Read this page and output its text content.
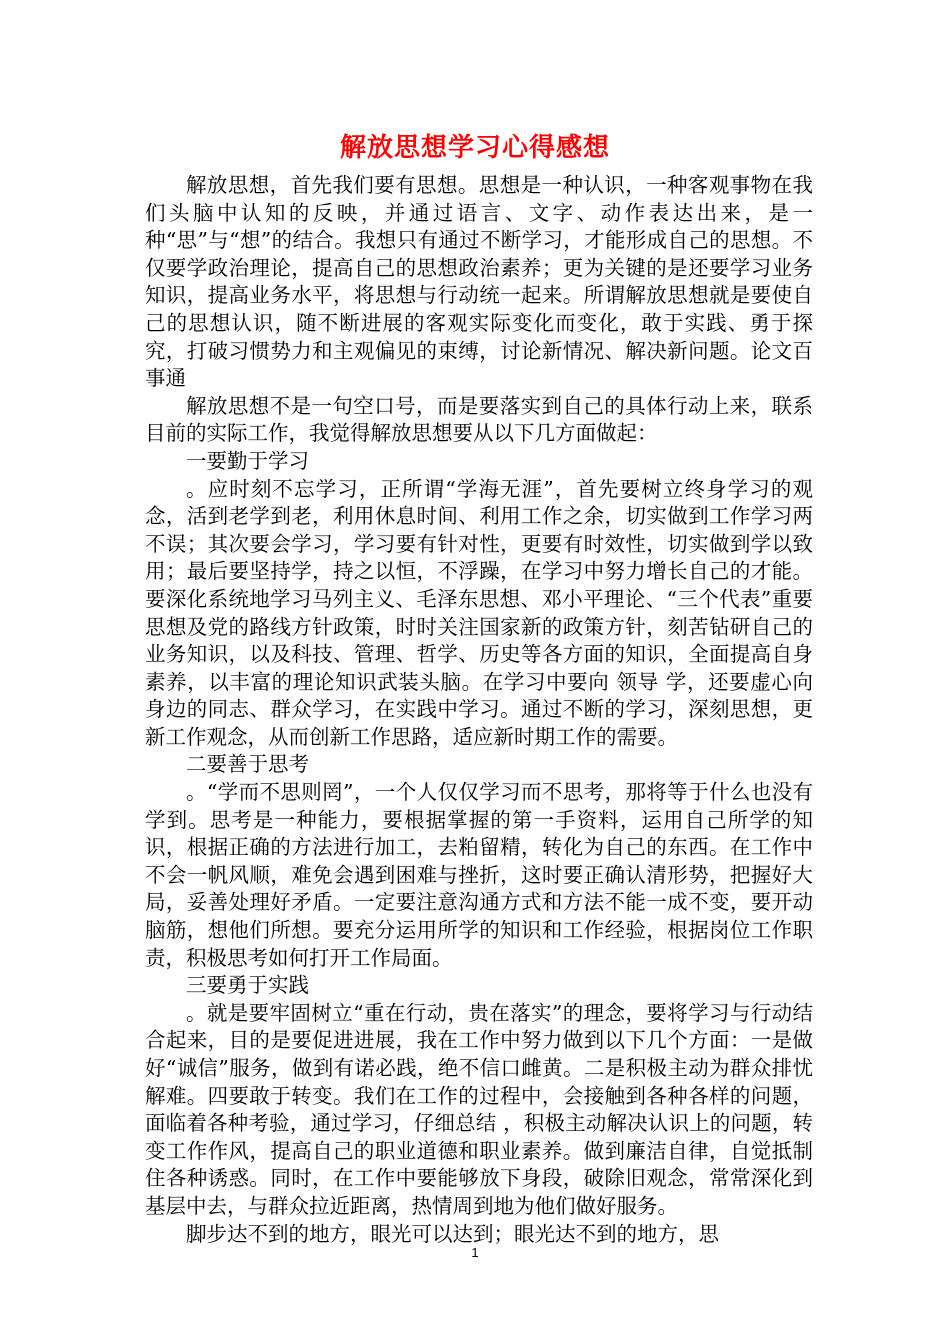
解放思想学习心得感想

解放思想，首先我们要有思想。思想是一种认识，一种客观事物在我们头脑中认知的反映，并通过语言、文字、动作表达出来，是一种“思”与“想”的结合。我想只有通过不断学习，才能形成自己的思想。不仅要学政治理论，提高自己的思想政治素养；更为关键的是还要学习业务知识，提高业务水平，将思想与行动统一起来。所谓解放思想就是要使自己的思想认识，随不断进展的客观实际变化而变化，敢于实践、勇于探究，打破习惯势力和主观偏见的束缚，讨论新情况、解决新问题。论文百事通

解放思想不是一句空口号，而是要落实到自己的具体行动上来，联系目前的实际工作，我觉得解放思想要从以下几方面做起：

一要勤于学习

。应时刻不忘学习，正所谓“学海无涯”，首先要树立终身学习的观念，活到老学到老，利用休息时间、利用工作之余，切实做到工作学习两不误；其次要会学习，学习要有针对性，更要有时效性，切实做到学以致用；最后要坚持学，持之以恒，不浮躁，在学习中努力增长自己的才能。要深化系统地学习马列主义、毛泽东思想、邓小平理论、“三个代表”重要思想及党的路线方针政策，时时关注国家新的政策方针，刻苦钻研自己的业务知识，以及科技、管理、哲学、历史等各方面的知识，全面提高自身素养，以丰富的理论知识武装头脑。在学习中要向 领导 学，还要虚心向身边的同志、群众学习，在实践中学习。通过不断的学习，深刻思想，更新工作观念，从而创新工作思路，适应新时期工作的需要。

二要善于思考

。“学而不思则罔”，一个人仅仅学习而不思考，那将等于什么也没有学到。思考是一种能力，要根据掌握的第一手资料，运用自己所学的知识，根据正确的方法进行加工，去粕留精，转化为自己的东西。在工作中不会一帆风顺，难免会遇到困难与挫折，这时要正确认清形势，把握好大局，妥善处理好矛盾。一定要注意沟通方式和方法不能一成不变，要开动脑筋，想他们所想。要充分运用所学的知识和工作经验，根据岗位工作职责，积极思考如何打开工作局面。

三要勇于实践

。就是要牢固树立“重在行动，贵在落实”的理念，要将学习与行动结合起来，目的是要促进进展，我在工作中努力做到以下几个方面：一是做好“诚信”服务，做到有诺必践，绝不信口雌黄。二是积极主动为群众排忧解难。四要敢于转变。我们在工作的过程中，会接触到各种各样的问题，面临着各种考验，通过学习，仔细总结 ，积极主动解决认识上的问题，转变工作作风，提高自己的职业道德和职业素养。做到廉洁自律，自觉抵制住各种诱惑。同时，在工作中要能够放下身段，破除旧观念，常常深化到基层中去，与群众拉近距离，热情周到地为他们做好服务。

脚步达不到的地方，眼光可以达到；眼光达不到的地方，思

1
